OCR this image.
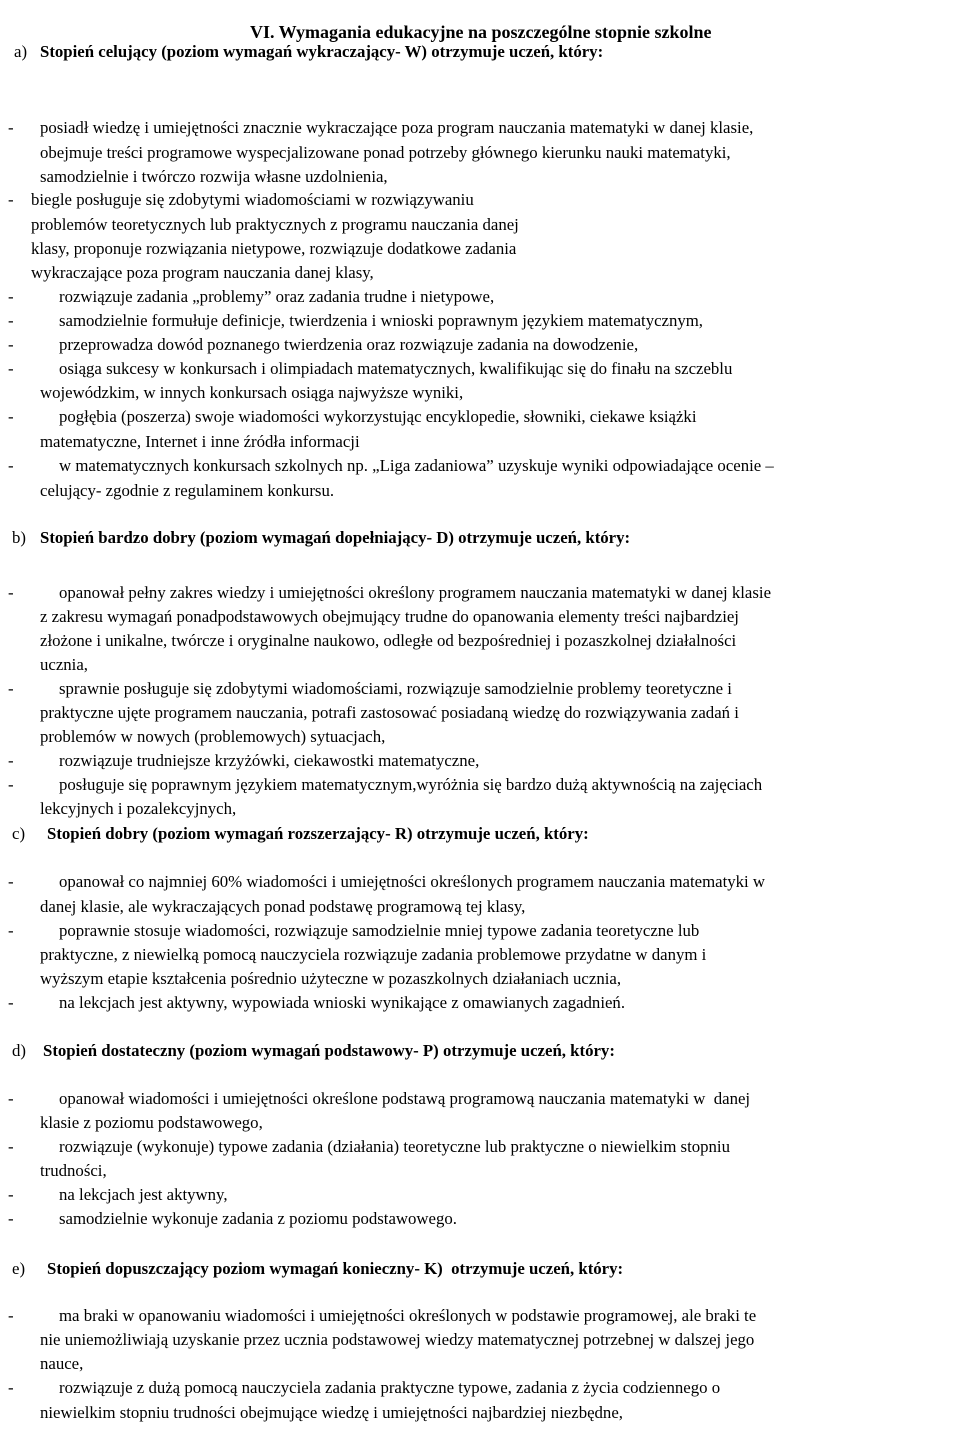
VI. Wymagania edukacyjne na poszczególne stopnie szkolne

a) Stopień celujący (poziom wymagań wykraczający- W) otrzymuje uczeń, który:
- posiadł wiedzę i umiejętności znacznie wykraczające poza program nauczania matematyki w danej klasie,
obejmuje treści programowe wyspecjalizowane ponad potrzeby głównego kierunku nauki matematyki,
samodzielnie i twórczo rozwija własne uzdolnienia,
- biegle posługuje się zdobytymi wiadomościami w rozwiązywaniu
problemów teoretycznych lub praktycznych z programu nauczania danej
klasy, proponuje rozwiązania nietypowe, rozwiązuje dodatkowe zadania
wykraczające poza program nauczania danej klasy,
-	rozwiązuje zadania „problemy” oraz zadania trudne i nietypowe,
-	samodzielnie formułuje definicje, twierdzenia i wnioski poprawnym językiem matematycznym,
-	przeprowadza dowód poznanego twierdzenia oraz rozwiązuje zadania na dowodzenie,
-	osiąga sukcesy w konkursach i olimpiadach matematycznych, kwalifikując się do finału na szczeblu
wojewódzkim, w innych konkursach osiąga najwyższe wyniki,
-	pogłębia (poszerza) swoje wiadomości wykorzystując encyklopedie, słowniki, ciekawe książki
matematyczne, Internet i inne źródła informacji
-	w matematycznych konkursach szkolnych np. „Liga zadaniowa” uzyskuje wyniki odpowiadające ocenie –
celujący- zgodnie z regulaminem konkursu.
b) Stopień bardzo dobry (poziom wymagań dopełniający- D) otrzymuje uczeń, który:
-	opanował pełny zakres wiedzy i umiejętności określony programem nauczania matematyki w danej klasie
z zakresu wymagań ponadpodstawowych obejmujący trudne do opanowania elementy treści najbardziej
złożone i unikalne, twórcze i oryginalne naukowo, odległe od bezpośredniej i pozaszkolnej działalności
ucznia,
-	sprawnie posługuje się zdobytymi wiadomościami, rozwiązuje samodzielnie problemy teoretyczne i
praktyczne ujęte programem nauczania, potrafi zastosować posiadaną wiedzę do rozwiązywania zadań i
problemów w nowych (problemowych) sytuacjach,
-	rozwiązuje trudniejsze krzyżówki, ciekawostki matematyczne,
-	posługuje się poprawnym językiem matematycznym,wyróżnia się bardzo dużą aktywnością na zajęciach
lekcyjnych i pozalekcyjnych,
c) Stopień dobry (poziom wymagań rozszerzający- R) otrzymuje uczeń, który:
-	opanował co najmniej 60% wiadomości i umiejętności określonych programem nauczania matematyki w
danej klasie, ale wykraczających ponad podstawę programową tej klasy,
-	poprawnie stosuje wiadomości, rozwiązuje samodzielnie mniej typowe zadania teoretyczne lub
praktyczne, z niewielką pomocą nauczyciela rozwiązuje zadania problemowe przydatne w danym i
wyższym etapie kształcenia pośrednio użyteczne w pozaszkolnych działaniach ucznia,
-	na lekcjach jest aktywny, wypowiada wnioski wynikające z omawianych zagadnień.
d) Stopień dostateczny (poziom wymagań podstawowy- P) otrzymuje uczeń, który:
-	opanował wiadomości i umiejętności określone podstawą programową nauczania matematyki w  danej
klasie z poziomu podstawowego,
-	rozwiązuje (wykonuje) typowe zadania (działania) teoretyczne lub praktyczne o niewielkim stopniu
trudności,
-	na lekcjach jest aktywny,
-	samodzielnie wykonuje zadania z poziomu podstawowego.
e) Stopień dopuszczający poziom wymagań konieczny- K)  otrzymuje uczeń, który:
-	ma braki w opanowaniu wiadomości i umiejętności określonych w podstawie programowej, ale braki te
nie uniemożliwiają uzyskanie przez ucznia podstawowej wiedzy matematycznej potrzebnej w dalszej jego
nauce,
-	rozwiązuje z dużą pomocą nauczyciela zadania praktyczne typowe, zadania z życia codziennego o
niewielkim stopniu trudności obejmujące wiedzę i umiejętności najbardziej niezbędne,
